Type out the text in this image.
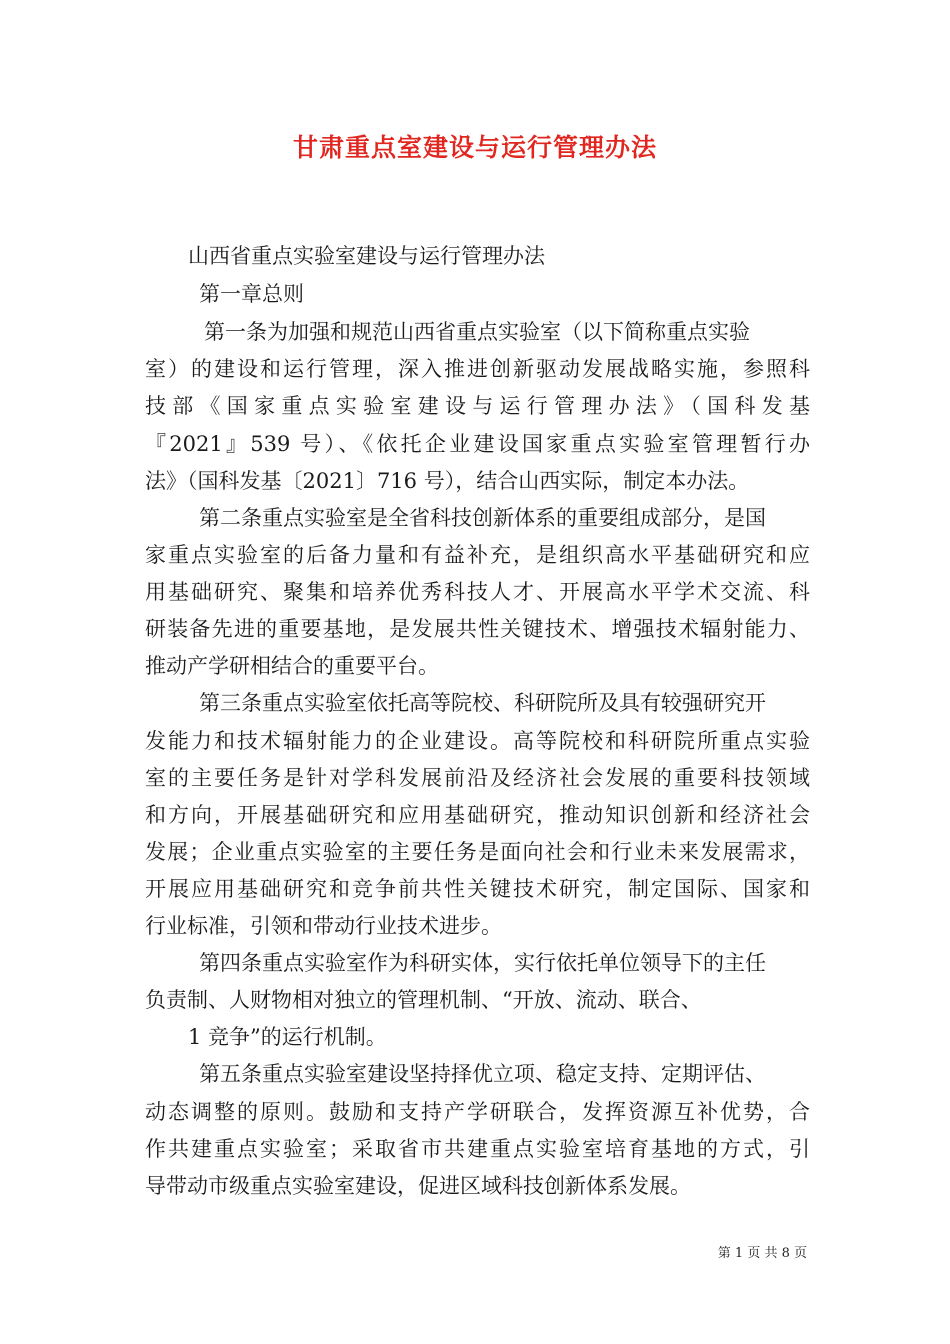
甘肃重点室建设与运行管理办法
山西省重点实验室建设与运行管理办法
第一章总则
第一条为加强和规范山西省重点实验室（以下简称重点实验
室）的建设和运行管理，深入推进创新驱动发展战略实施，参照科
技部《国家重点实验室建设与运行管理办法》（国科发基
『2021』539 号）、《依托企业建设国家重点实验室管理暂行办
法》（国科发基〔2021〕716 号），结合山西实际，制定本办法。
第二条重点实验室是全省科技创新体系的重要组成部分，是国
家重点实验室的后备力量和有益补充，是组织高水平基础研究和应
用基础研究、聚集和培养优秀科技人才、开展高水平学术交流、科
研装备先进的重要基地，是发展共性关键技术、增强技术辐射能力、
推动产学研相结合的重要平台。
第三条重点实验室依托高等院校、科研院所及具有较强研究开
发能力和技术辐射能力的企业建设。高等院校和科研院所重点实验
室的主要任务是针对学科发展前沿及经济社会发展的重要科技领域
和方向，开展基础研究和应用基础研究，推动知识创新和经济社会
发展；企业重点实验室的主要任务是面向社会和行业未来发展需求，
开展应用基础研究和竞争前共性关键技术研究，制定国际、国家和
行业标准，引领和带动行业技术进步。
第四条重点实验室作为科研实体，实行依托单位领导下的主任
负责制、人财物相对独立的管理机制、“开放、流动、联合、
1 竞争”的运行机制。
第五条重点实验室建设坚持择优立项、稳定支持、定期评估、
动态调整的原则。鼓励和支持产学研联合，发挥资源互补优势，合
作共建重点实验室；采取省市共建重点实验室培育基地的方式，引
导带动市级重点实验室建设，促进区域科技创新体系发展。
第 1 页 共 8 页
